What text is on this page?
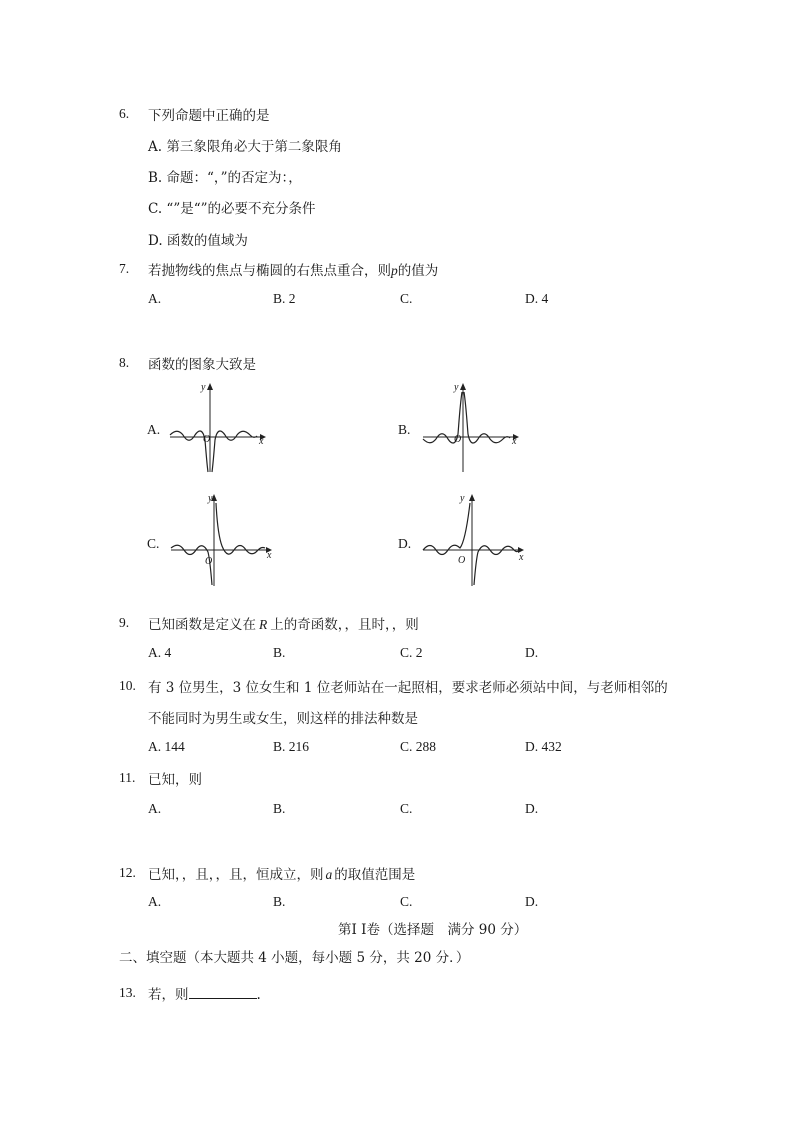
6. 下列命题中正确的是
A. 第三象限角必大于第二象限角
B. 命题：“，”的否定为：，
C. “”是“”的必要不充分条件
D. 函数的值域为
7. 若抛物线的焦点与椭圆的右焦点重合，则p的值为
A.	B. 2	C.	D. 4
8. 函数的图象大致是
A.
y
x
O
B.
y
x
O
C.
y
x
O
D.
y
x
O
9. 已知函数是定义在 R 上的奇函数，，且时，，则
A. 4	B.	C. 2	D.
10. 有 3 位男生，3 位女生和 1 位老师站在一起照相，要求老师必须站中间，与老师相邻的
不能同时为男生或女生，则这样的排法种数是
A. 144	B. 216	C. 288	D. 432
11. 已知，则
A.	B.	C.	D.
12. 已知，，且，，且，恒成立，则 a 的取值范围是
A.	B.	C.	D.
第Ⅰ Ⅰ卷（选择题　满分 90 分）
二、填空题（本大题共 4 小题，每小题 5 分，共 20 分．）
13. 若，则	.
